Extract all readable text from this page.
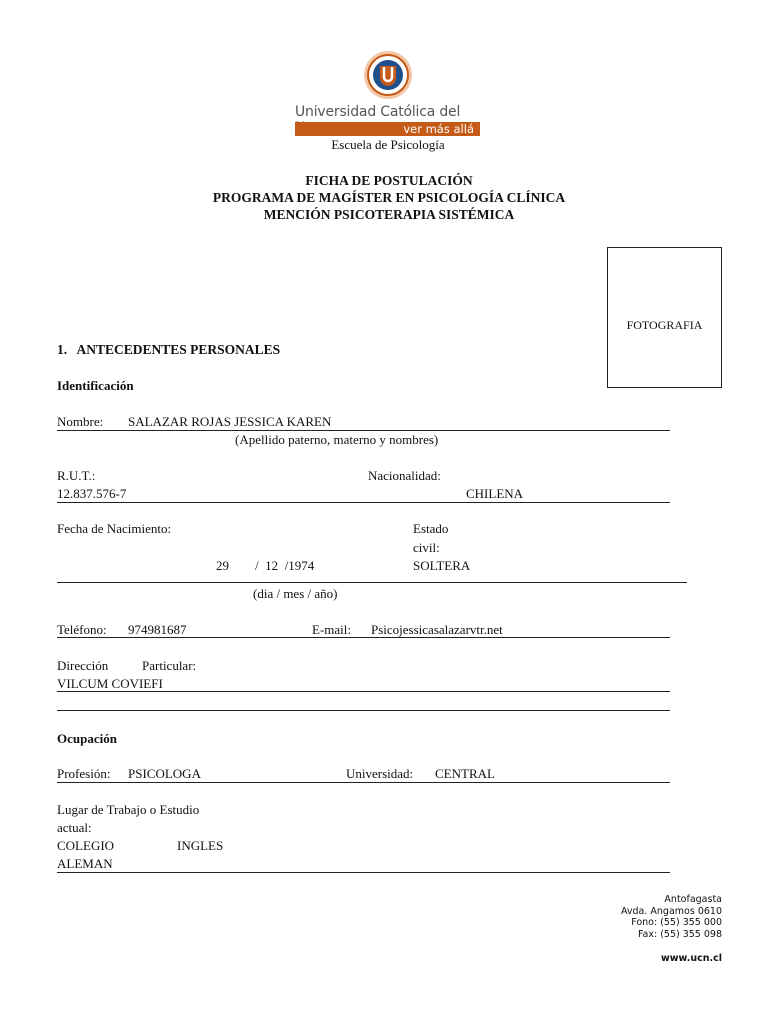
Universidad Católica del
ver más allá
Escuela de Psicología
FICHA DE POSTULACIÓN
PROGRAMA DE MAGÍSTER EN PSICOLOGÍA CLÍNICA
MENCIÓN PSICOTERAPIA SISTÉMICA
FOTOGRAFIA
1.   ANTECEDENTES PERSONALES
Identificación
Nombre: SALAZAR ROJAS JESSICA KAREN
(Apellido paterno, materno y nombres)
R.U.T.:
12.837.576-7
Nacionalidad:
CHILENA
Fecha de Nacimiento:
29 /  12  /1974
Estado
civil:
SOLTERA
(dia / mes / año)
Teléfono: 974981687	E-mail: Psicojessicasalazarvtr.net
Dirección	Particular:
VILCUM COVIEFI
Ocupación
Profesión: PSICOLOGA	Universidad: CENTRAL
Lugar de Trabajo o Estudio
actual:
COLEGIO	INGLES
ALEMAN
Antofagasta
Avda. Angamos 0610
Fono: (55) 355 000
Fax: (55) 355 098
www.ucn.cl
